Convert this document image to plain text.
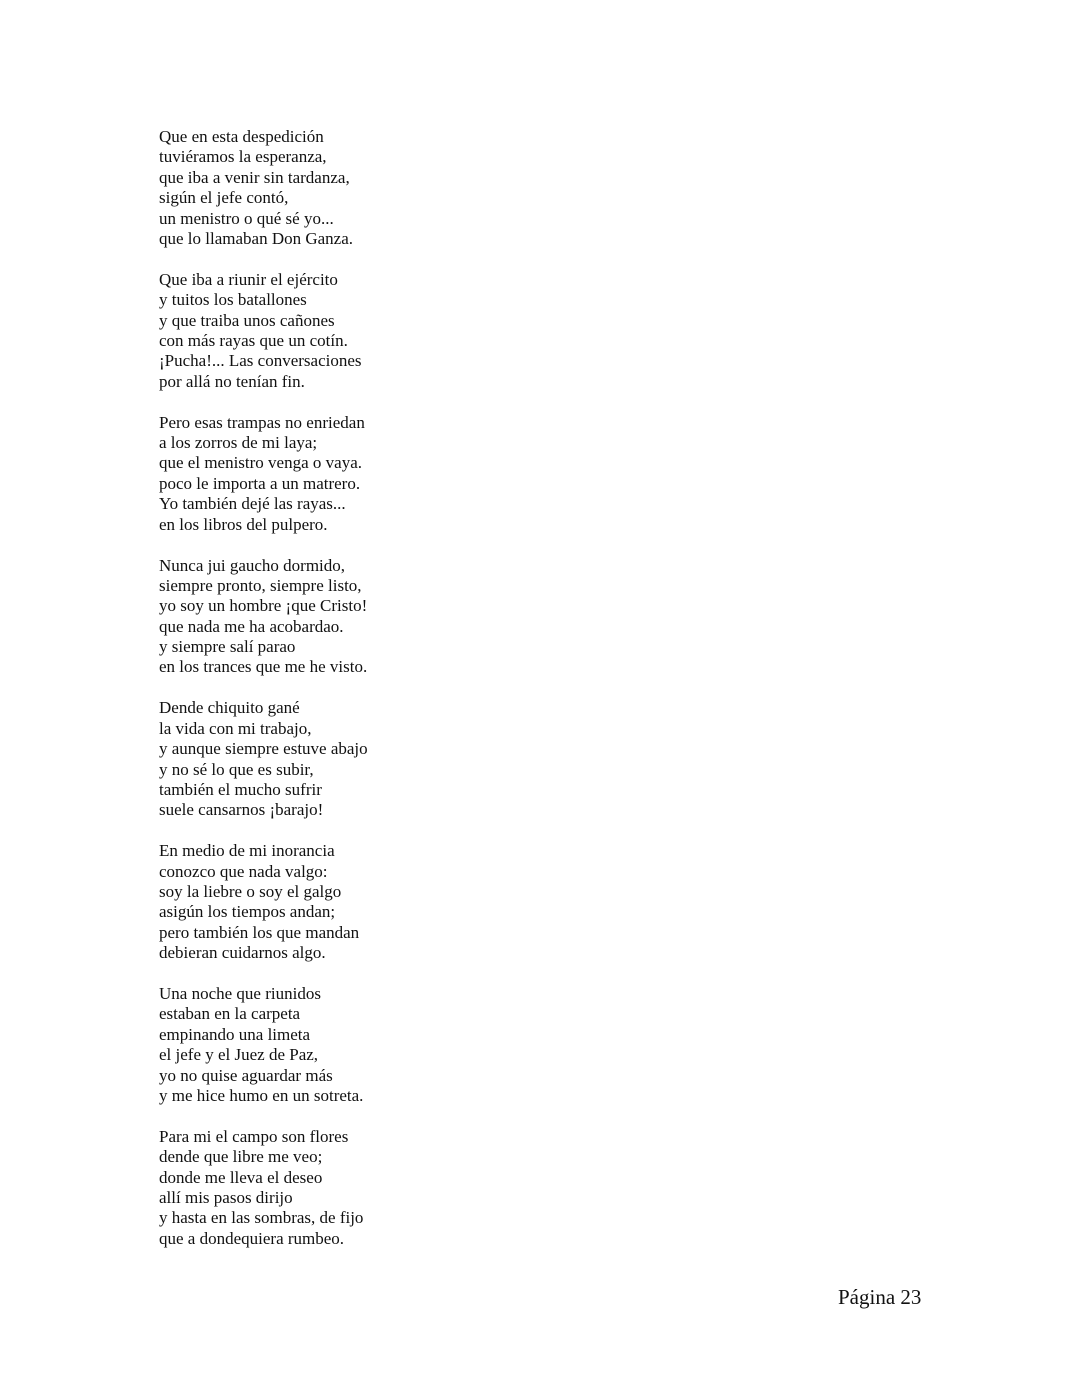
Que en esta despedición
tuviéramos la esperanza,
que iba a venir sin tardanza,
sigún el jefe contó,
un menistro o qué sé yo...
que lo llamaban Don Ganza.
Que iba a riunir el ejército
y tuitos los batallones
y que traiba unos cañones
con más rayas que un cotín.
¡Pucha!... Las conversaciones
por allá no tenían fin.
Pero esas trampas no enriedan
a los zorros de mi laya;
que el menistro venga o vaya.
poco le importa a un matrero.
Yo también dejé las rayas...
en los libros del pulpero.
Nunca jui gaucho dormido,
siempre pronto, siempre listo,
yo soy un hombre ¡que Cristo!
que nada me ha acobardao.
y siempre salí parao
en los trances que me he visto.
Dende chiquito gané
la vida con mi trabajo,
y aunque siempre estuve abajo
y no sé lo que es subir,
también el mucho sufrir
suele cansarnos ¡barajo!
En medio de mi inorancia
conozco que nada valgo:
soy la liebre o soy el galgo
asigún los tiempos andan;
pero también los que mandan
debieran cuidarnos algo.
Una noche que riunidos
estaban en la carpeta
empinando una limeta
el jefe y el Juez de Paz,
yo no quise aguardar más
y me hice humo en un sotreta.
Para mi el campo son flores
dende que libre me veo;
donde me lleva el deseo
allí mis pasos dirijo
y hasta en las sombras, de fijo
que a dondequiera rumbeo.
Página 23
